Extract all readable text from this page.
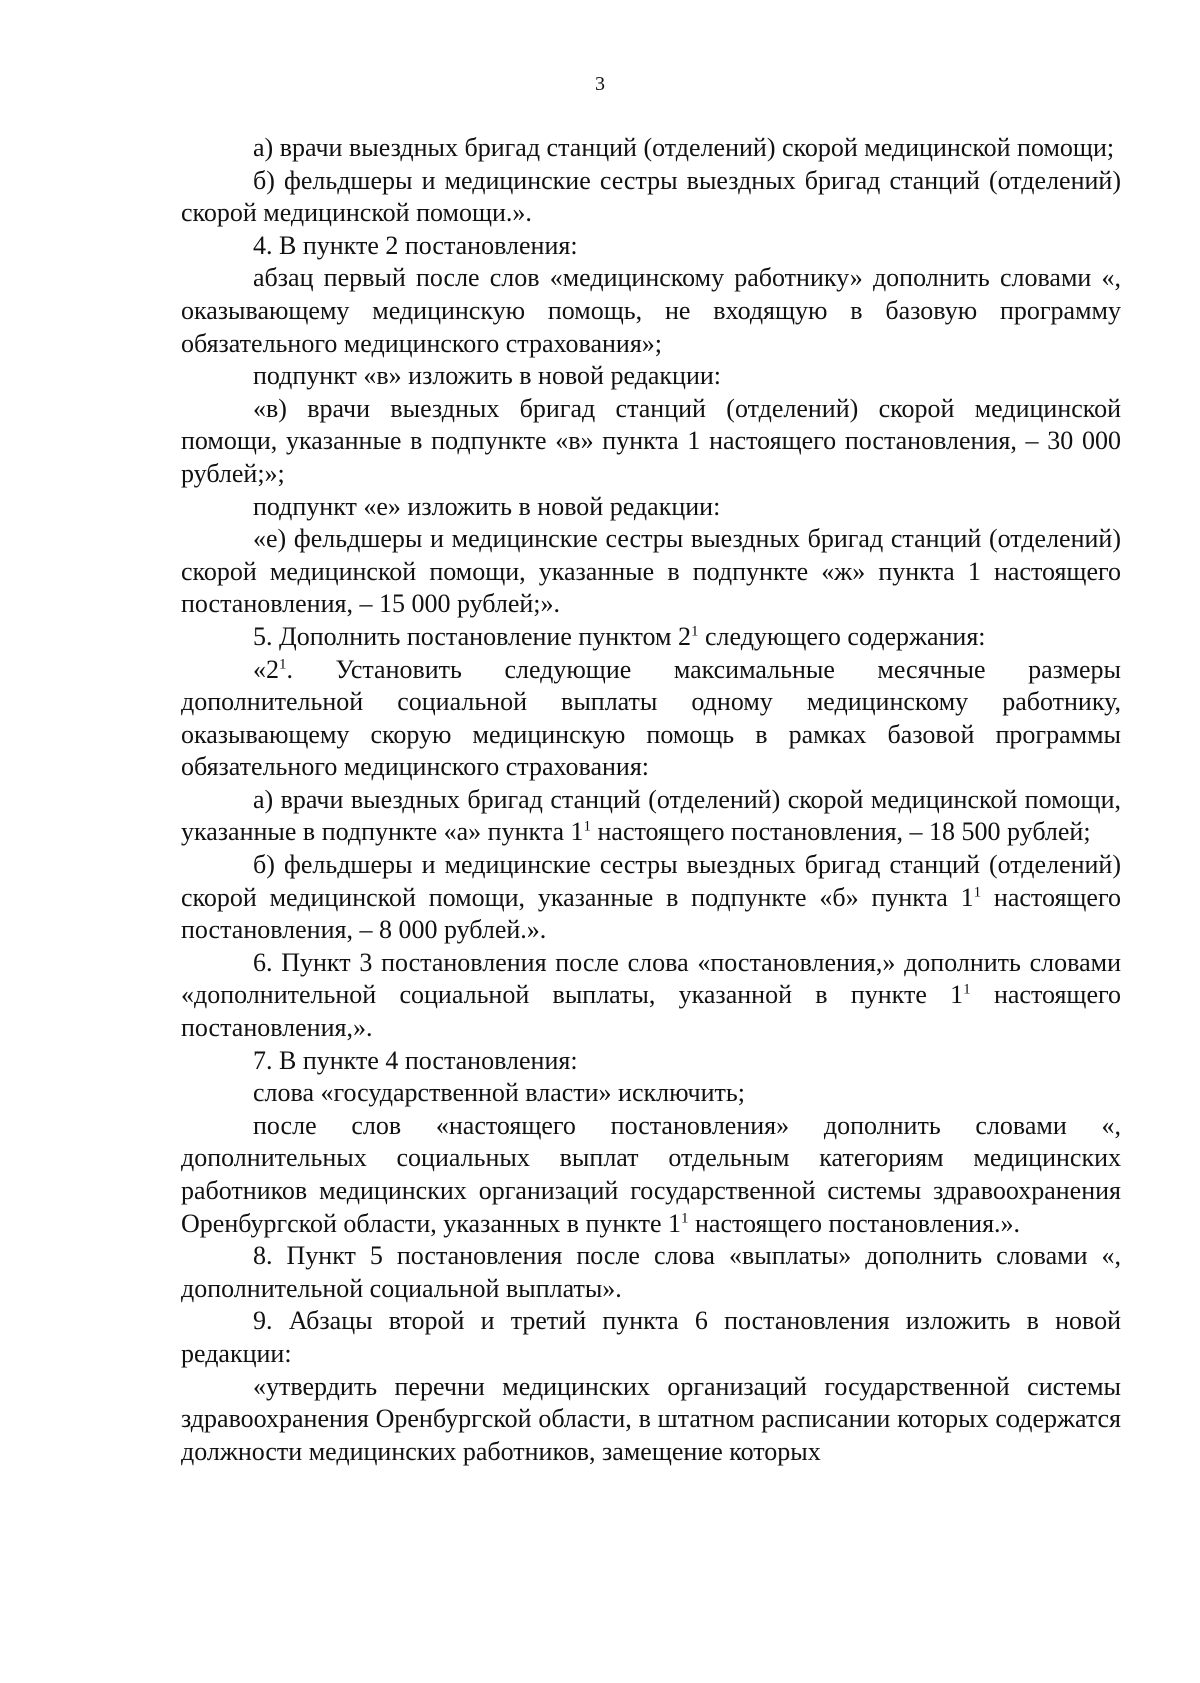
3

а) врачи выездных бригад станций (отделений) скорой медицинской помощи;

б) фельдшеры и медицинские сестры выездных бригад станций (отделений) скорой медицинской помощи.».

4. В пункте 2 постановления:

абзац первый после слов «медицинскому работнику» дополнить словами «, оказывающему медицинскую помощь, не входящую в базовую программу обязательного медицинского страхования»;

подпункт «в» изложить в новой редакции:

«в) врачи выездных бригад станций (отделений) скорой медицинской помощи, указанные в подпункте «в» пункта 1 настоящего постановления, – 30 000 рублей;»;

подпункт «е» изложить в новой редакции:

«е) фельдшеры и медицинские сестры выездных бригад станций (отделений) скорой медицинской помощи, указанные в подпункте «ж» пункта 1 настоящего постановления, – 15 000 рублей;».

5. Дополнить постановление пунктом $2^1$ следующего содержания:

«$2^1$. Установить следующие максимальные месячные размеры дополнительной социальной выплаты одному медицинскому работнику, оказывающему скорую медицинскую помощь в рамках базовой программы обязательного медицинского страхования:

а) врачи выездных бригад станций (отделений) скорой медицинской помощи, указанные в подпункте «а» пункта $1^1$ настоящего постановления, – 18 500 рублей;

б) фельдшеры и медицинские сестры выездных бригад станций (отделений) скорой медицинской помощи, указанные в подпункте «б» пункта $1^1$ настоящего постановления, – 8 000 рублей.».

6. Пункт 3 постановления после слова «постановления,» дополнить словами «дополнительной социальной выплаты, указанной в пункте $1^1$ настоящего постановления,».

7. В пункте 4 постановления:

слова «государственной власти» исключить;

после слов «настоящего постановления» дополнить словами «, дополнительных социальных выплат отдельным категориям медицинских работников медицинских организаций государственной системы здравоохранения Оренбургской области, указанных в пункте $1^1$ настоящего постановления.».

8. Пункт 5 постановления после слова «выплаты» дополнить словами «, дополнительной социальной выплаты».

9. Абзацы второй и третий пункта 6 постановления изложить в новой редакции:

«утвердить перечни медицинских организаций государственной системы здравоохранения Оренбургской области, в штатном расписании которых содержатся должности медицинских работников, замещение которых
